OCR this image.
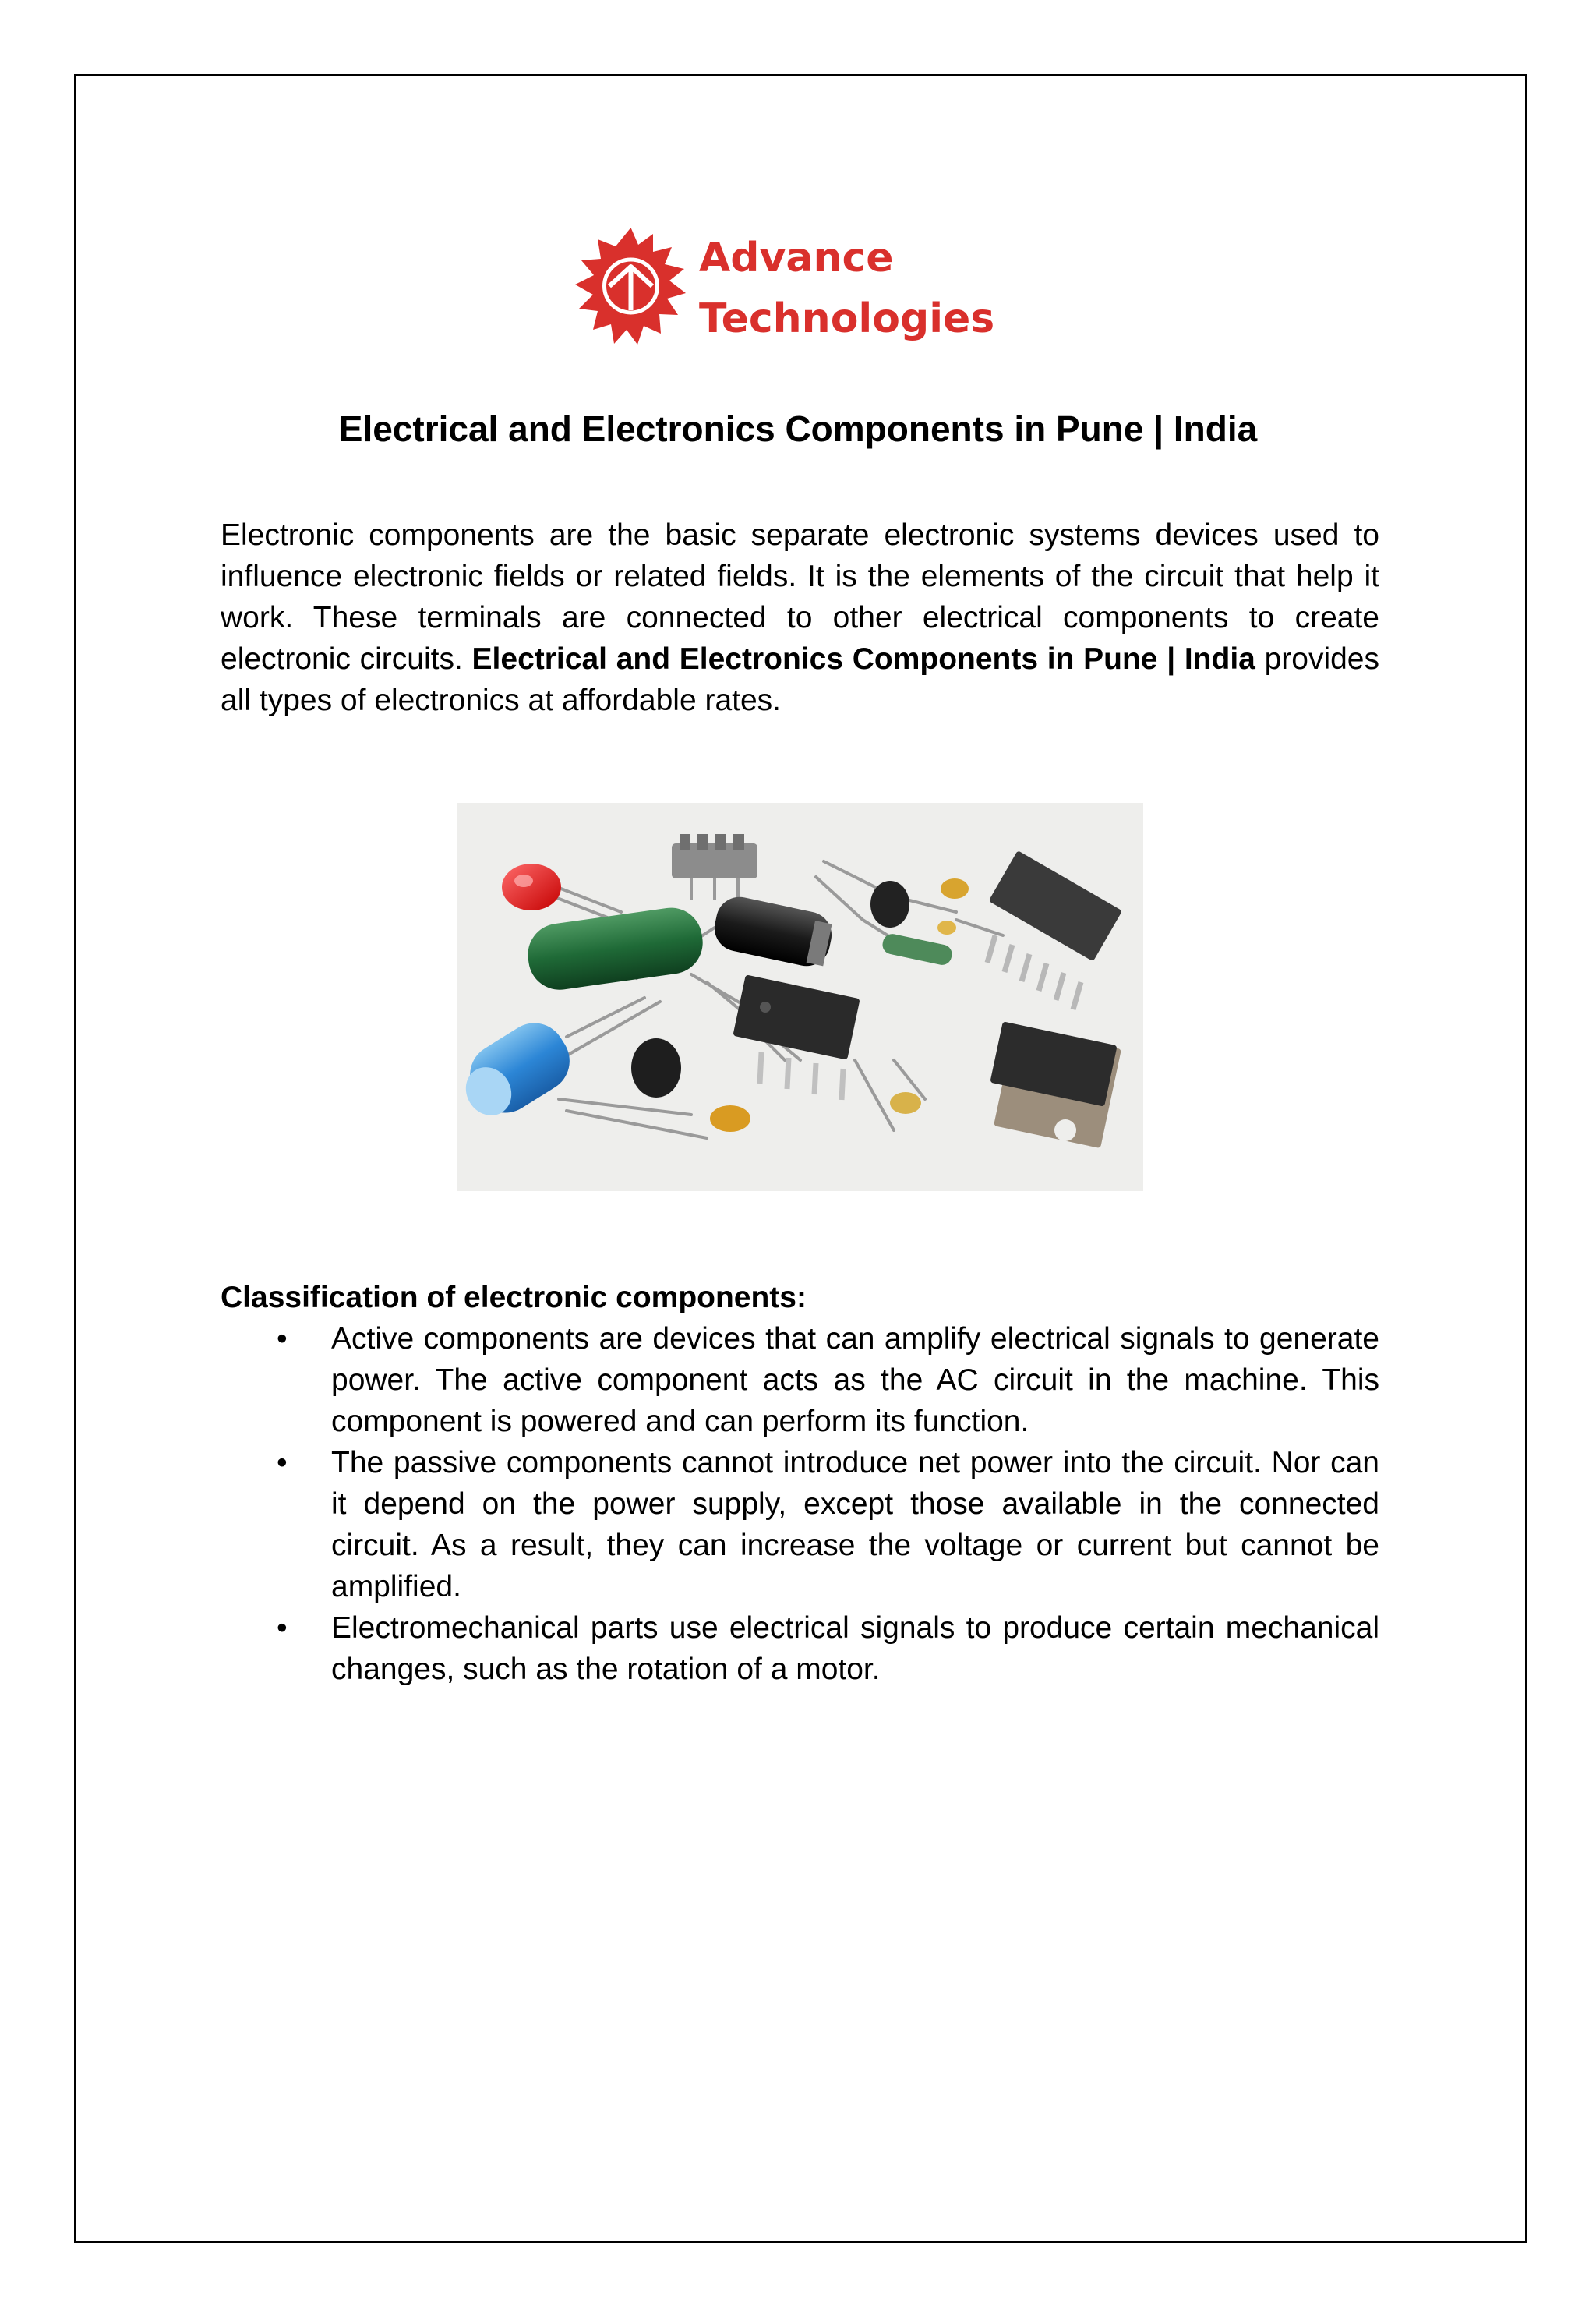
Advance
Technologies
Electrical and Electronics Components in Pune | India

Electronic components are the basic separate electronic systems devices used to influence electronic fields or related fields. It is the elements of the circuit that help it work. These terminals are connected to other electrical components to create electronic circuits. Electrical and Electronics Components in Pune | India provides all types of electronics at affordable rates.

Classification of electronic components:
• Active components are devices that can amplify electrical signals to generate power. The active component acts as the AC circuit in the machine. This component is powered and can perform its function.
• The passive components cannot introduce net power into the circuit. Nor can it depend on the power supply, except those available in the connected circuit. As a result, they can increase the voltage or current but cannot be amplified.
• Electromechanical parts use electrical signals to produce certain mechanical changes, such as the rotation of a motor.
